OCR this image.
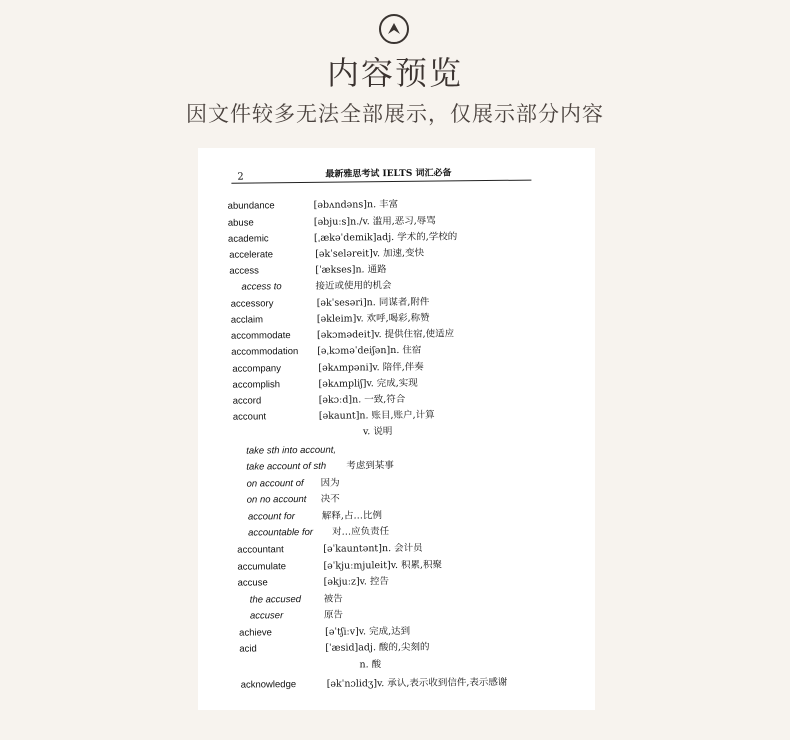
内容预览
因文件较多无法全部展示，仅展示部分内容
2	最新雅思考试 IELTS 词汇必备
abundance	[əbʌndəns]n. 丰富
abuse	[əbjuːs]n./v. 滥用,恶习,辱骂
academic	[ˌækəˈdemik]adj. 学术的,学校的
accelerate	[əkˈseləreit]v. 加速,变快
access	[ˈækses]n. 通路
access to	接近或使用的机会
accessory	[əkˈsesəri]n. 同谋者,附件
acclaim	[əkleim]v. 欢呼,喝彩,称赞
accommodate	[əkɔmədeit]v. 提供住宿,使适应
accommodation [əˌkɔməˈdeiʃən]n. 住宿
accompany	[əkʌmpəni]v. 陪伴,伴奏
accomplish	[əkʌmpliʃ]v. 完成,实现
accord	[əkɔːd]n. 一致,符合
account	[əkaunt]n. 账目,账户,计算
v. 说明
take sth into account,
take account of sth 考虑到某事
on account of 因为
on no account 决不
account for	解释,占…比例
accountable for 对…应负责任
accountant	[əˈkauntənt]n. 会计员
accumulate	[əˈkjuːmjuleit]v. 积累,积聚
accuse	[əkjuːz]v. 控告
the accused 被告
accuser	原告
achieve	[əˈtʃiːv]v. 完成,达到
acid	[ˈæsid]adj. 酸的,尖刻的
n. 酸
acknowledge	[əkˈnɔlidʒ]v. 承认,表示收到信件,表示感谢
